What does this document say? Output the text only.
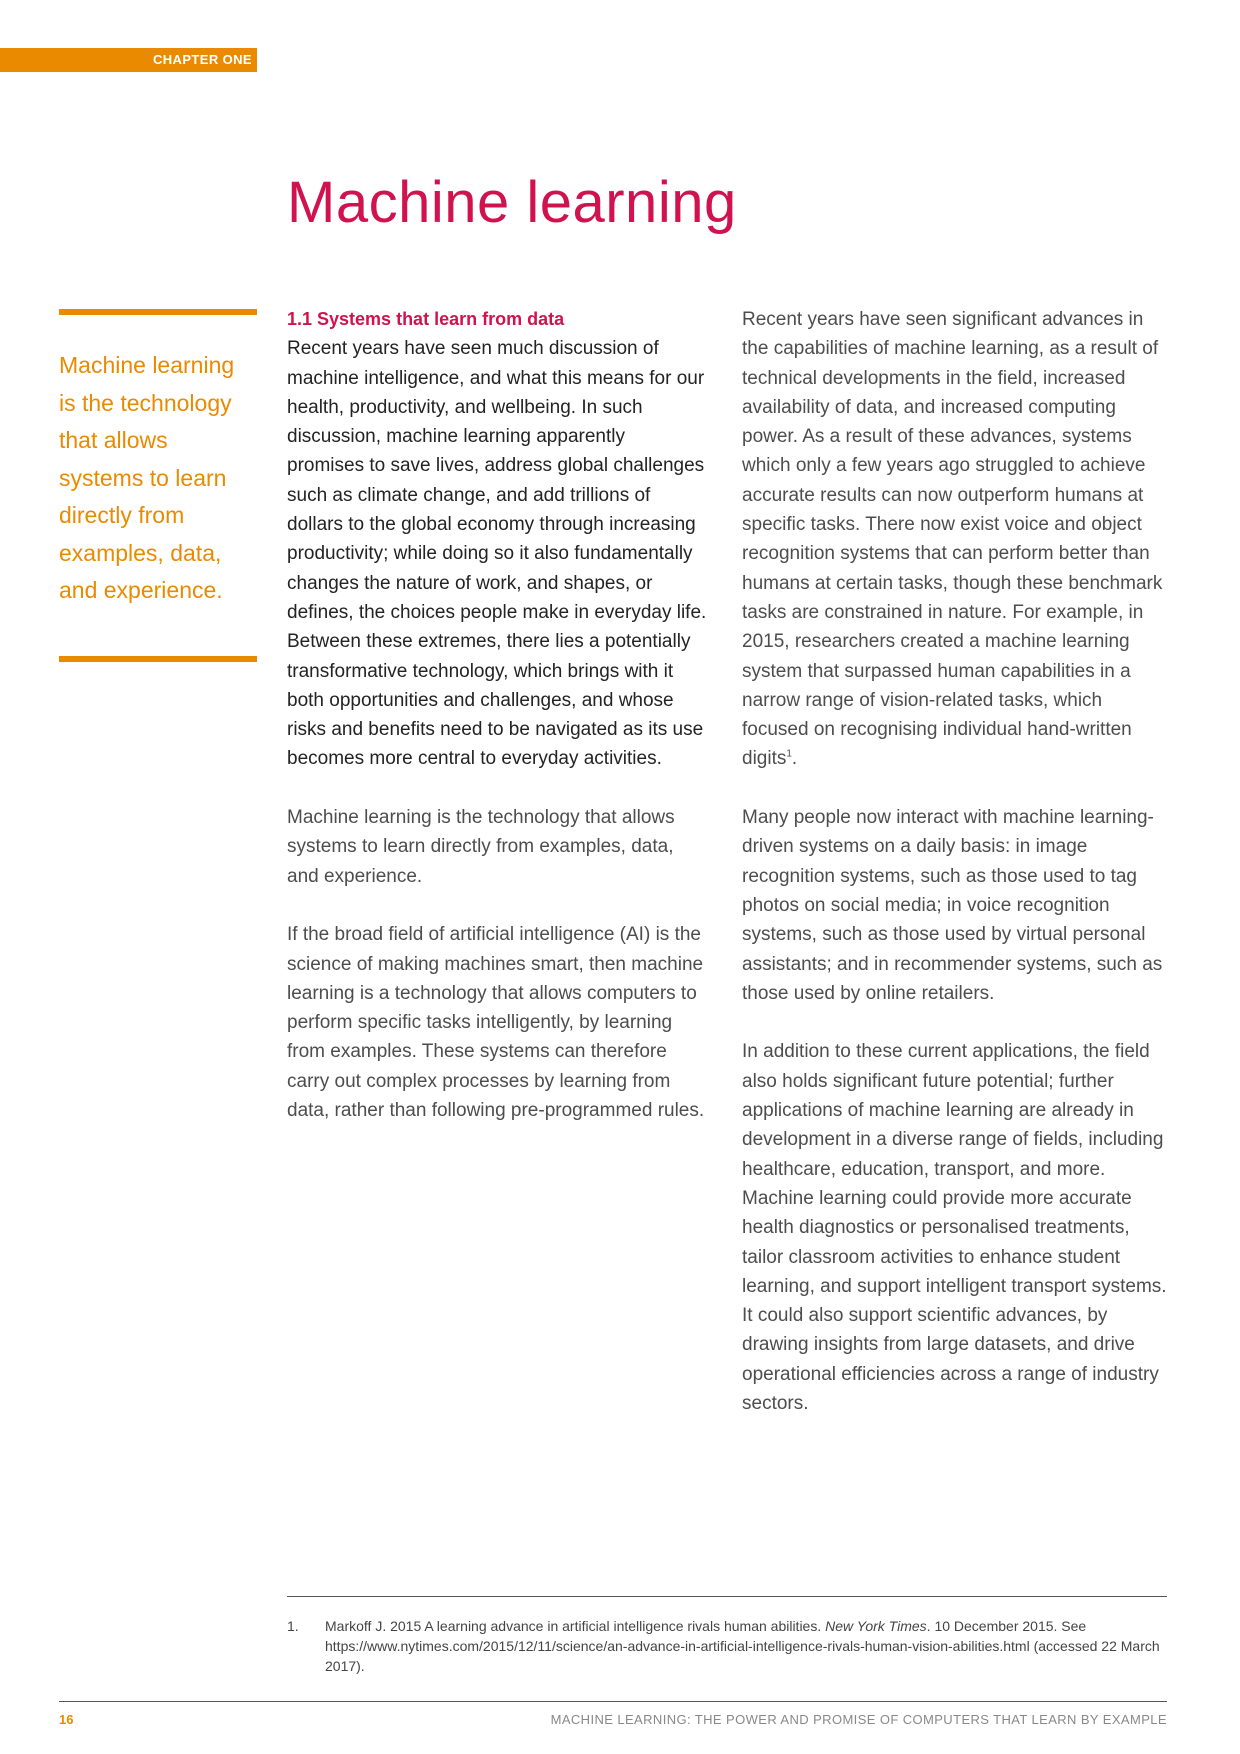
CHAPTER ONE
Machine learning
Machine learning is the technology that allows systems to learn directly from examples, data, and experience.
1.1 Systems that learn from data

Recent years have seen much discussion of machine intelligence, and what this means for our health, productivity, and wellbeing. In such discussion, machine learning apparently promises to save lives, address global challenges such as climate change, and add trillions of dollars to the global economy through increasing productivity; while doing so it also fundamentally changes the nature of work, and shapes, or defines, the choices people make in everyday life. Between these extremes, there lies a potentially transformative technology, which brings with it both opportunities and challenges, and whose risks and benefits need to be navigated as its use becomes more central to everyday activities.

Machine learning is the technology that allows systems to learn directly from examples, data, and experience.

If the broad field of artificial intelligence (AI) is the science of making machines smart, then machine learning is a technology that allows computers to perform specific tasks intelligently, by learning from examples. These systems can therefore carry out complex processes by learning from data, rather than following pre-programmed rules.

Recent years have seen significant advances in the capabilities of machine learning, as a result of technical developments in the field, increased availability of data, and increased computing power. As a result of these advances, systems which only a few years ago struggled to achieve accurate results can now outperform humans at specific tasks. There now exist voice and object recognition systems that can perform better than humans at certain tasks, though these benchmark tasks are constrained in nature. For example, in 2015, researchers created a machine learning system that surpassed human capabilities in a narrow range of vision-related tasks, which focused on recognising individual hand-written digits$^1$.

Many people now interact with machine learning-driven systems on a daily basis: in image recognition systems, such as those used to tag photos on social media; in voice recognition systems, such as those used by virtual personal assistants; and in recommender systems, such as those used by online retailers.

In addition to these current applications, the field also holds significant future potential; further applications of machine learning are already in development in a diverse range of fields, including healthcare, education, transport, and more. Machine learning could provide more accurate health diagnostics or personalised treatments, tailor classroom activities to enhance student learning, and support intelligent transport systems. It could also support scientific advances, by drawing insights from large datasets, and drive operational efficiencies across a range of industry sectors.

1. Markoff J. 2015 A learning advance in artificial intelligence rivals human abilities. New York Times. 10 December 2015. See https://www.nytimes.com/2015/12/11/science/an-advance-in-artificial-intelligence-rivals-human-vision-abilities.html (accessed 22 March 2017).
16	MACHINE LEARNING: THE POWER AND PROMISE OF COMPUTERS THAT LEARN BY EXAMPLE
